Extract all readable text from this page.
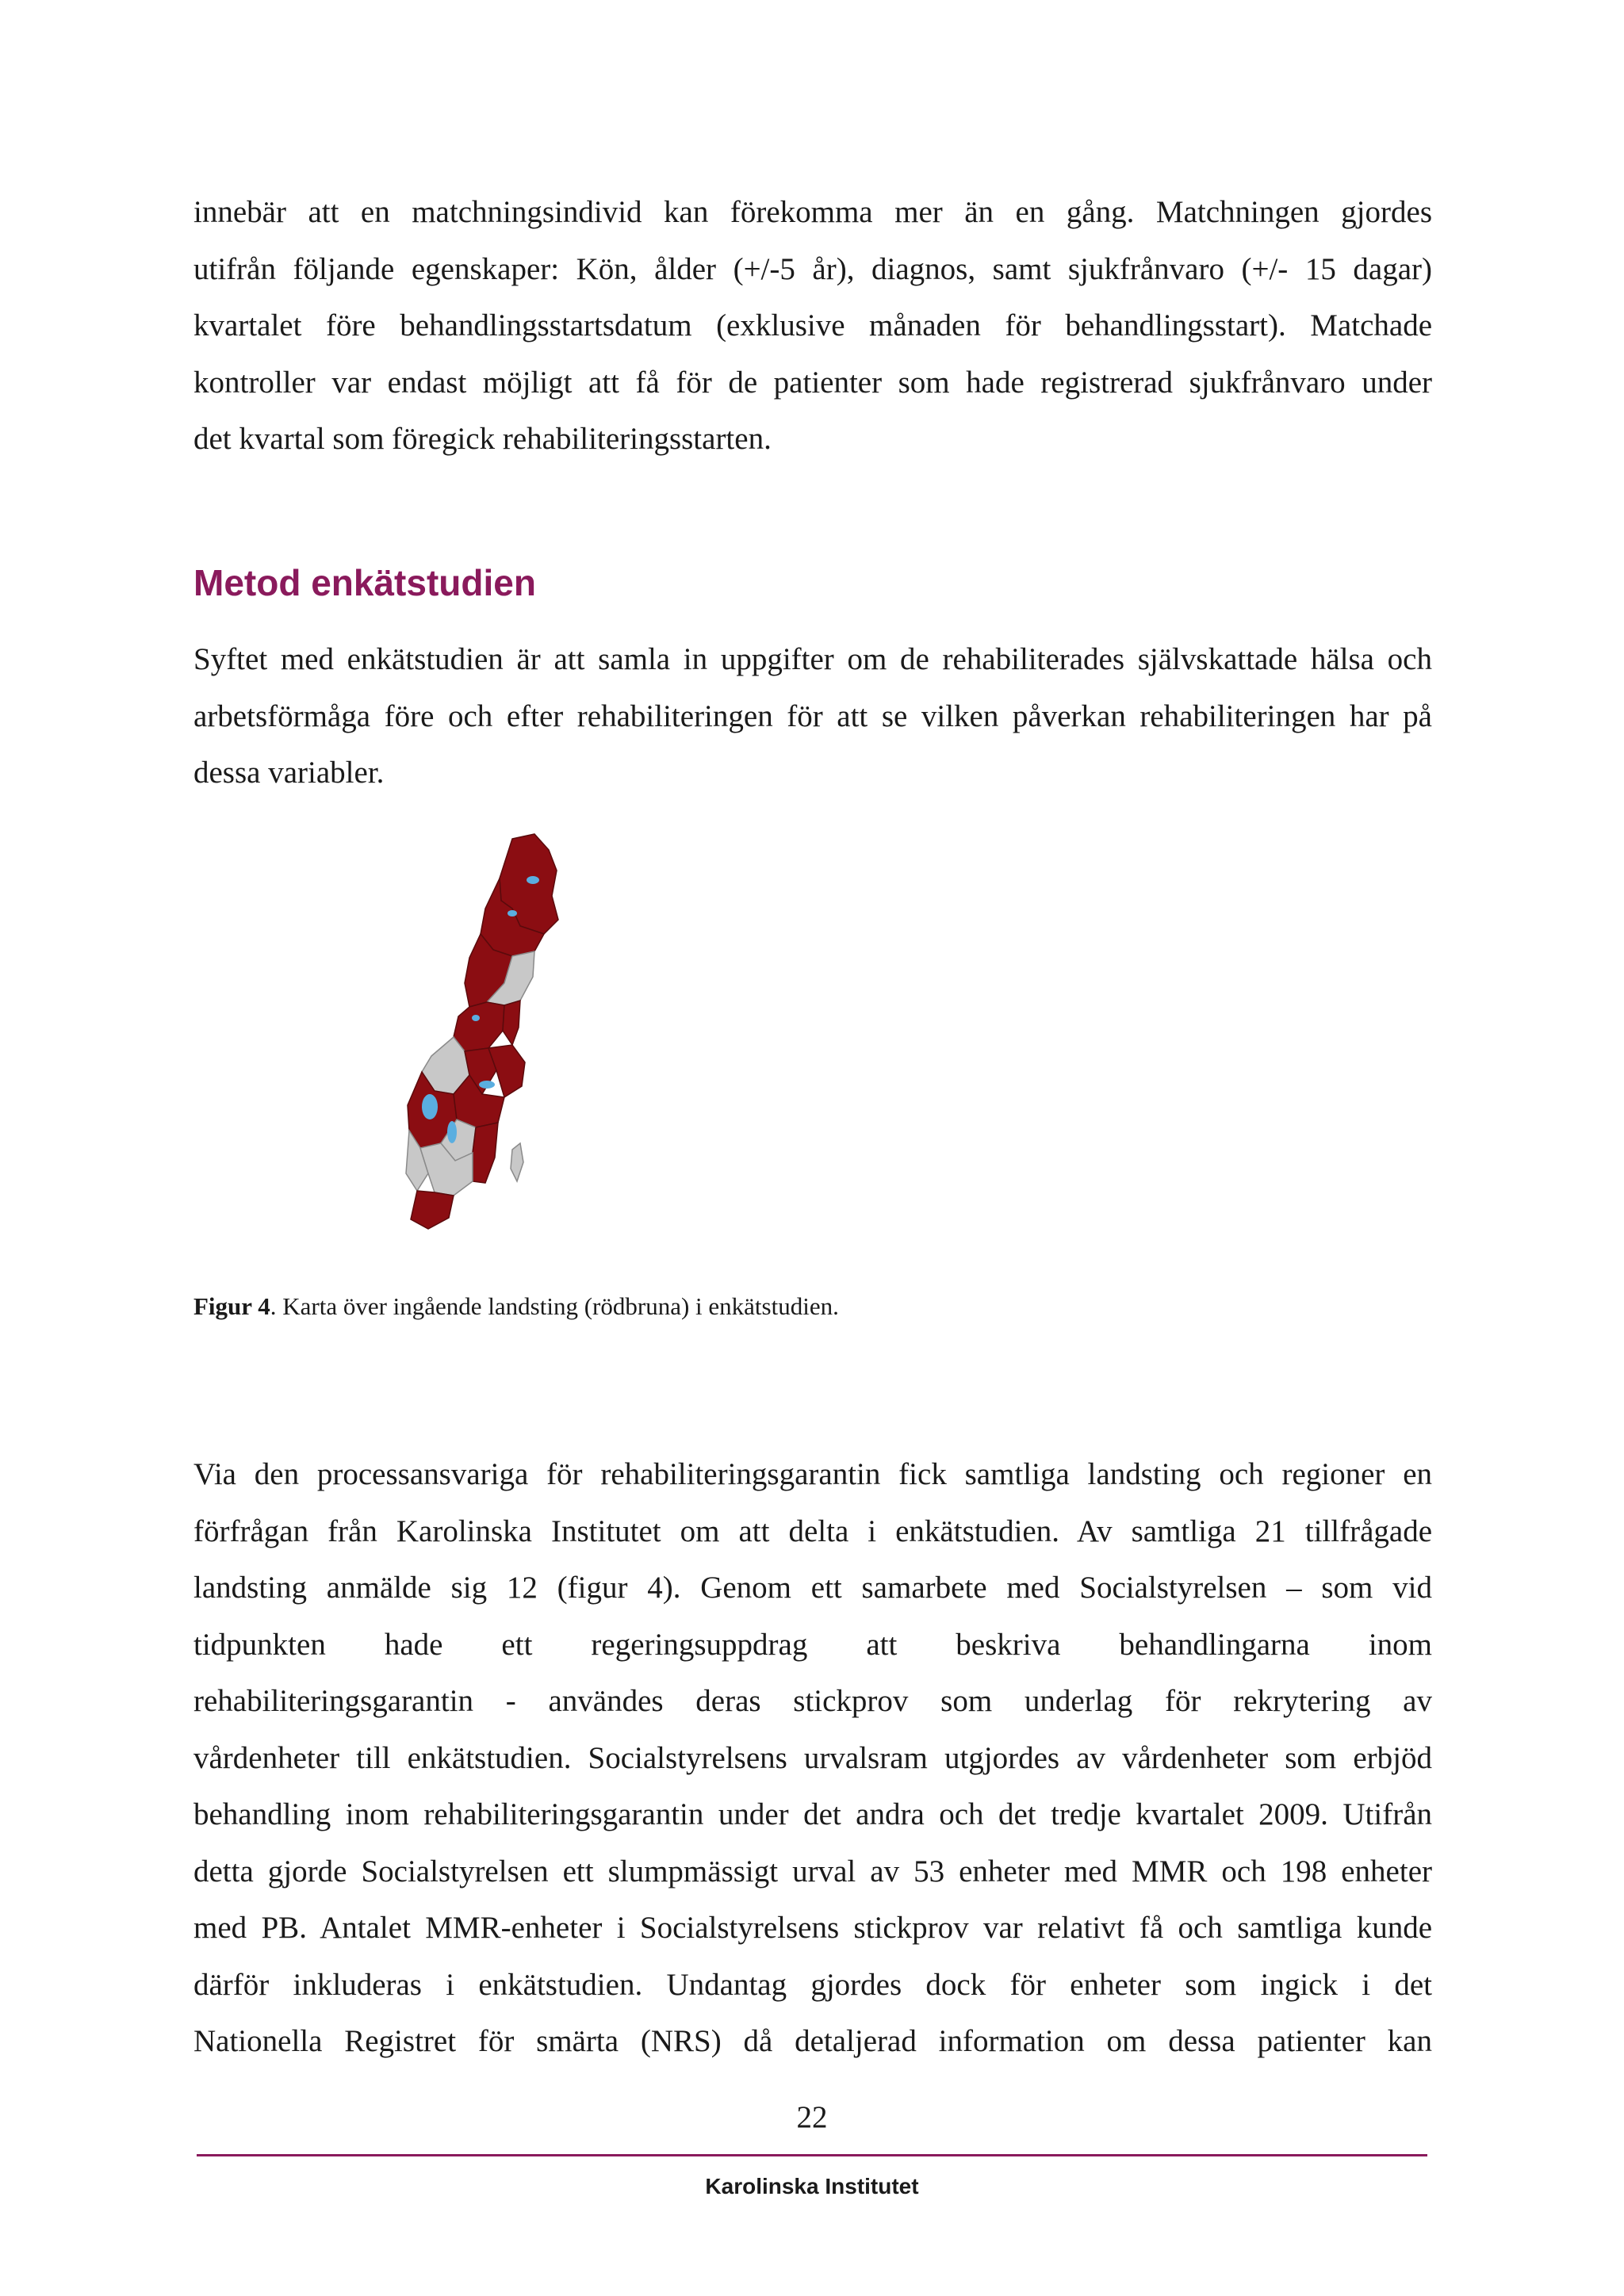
innebär att en matchningsindivid kan förekomma mer än en gång. Matchningen gjordes
utifrån följande egenskaper: Kön, ålder (+/-5 år), diagnos, samt sjukfrånvaro (+/- 15 dagar)
kvartalet före behandlingsstartsdatum (exklusive månaden för behandlingsstart). Matchade
kontroller var endast möjligt att få för de patienter som hade registrerad sjukfrånvaro under
det kvartal som föregick rehabiliteringsstarten.
Metod enkätstudien
Syftet med enkätstudien är att samla in uppgifter om de rehabiliterades självskattade hälsa och
arbetsförmåga före och efter rehabiliteringen för att se vilken påverkan rehabiliteringen har på
dessa variabler.
Figur 4. Karta över ingående landsting (rödbruna) i enkätstudien.
Via den processansvariga för rehabiliteringsgarantin fick samtliga landsting och regioner en
förfrågan från Karolinska Institutet om att delta i enkätstudien. Av samtliga 21 tillfrågade
landsting anmälde sig 12 (figur 4). Genom ett samarbete med Socialstyrelsen – som vid
tidpunkten hade ett regeringsuppdrag att beskriva behandlingarna inom
rehabiliteringsgarantin - användes deras stickprov som underlag för rekrytering av
vårdenheter till enkätstudien. Socialstyrelsens urvalsram utgjordes av vårdenheter som erbjöd
behandling inom rehabiliteringsgarantin under det andra och det tredje kvartalet 2009. Utifrån
detta gjorde Socialstyrelsen ett slumpmässigt urval av 53 enheter med MMR och 198 enheter
med PB. Antalet MMR-enheter i Socialstyrelsens stickprov var relativt få och samtliga kunde
därför inkluderas i enkätstudien. Undantag gjordes dock för enheter som ingick i det
Nationella Registret för smärta (NRS) då detaljerad information om dessa patienter kan
22
Karolinska Institutet
